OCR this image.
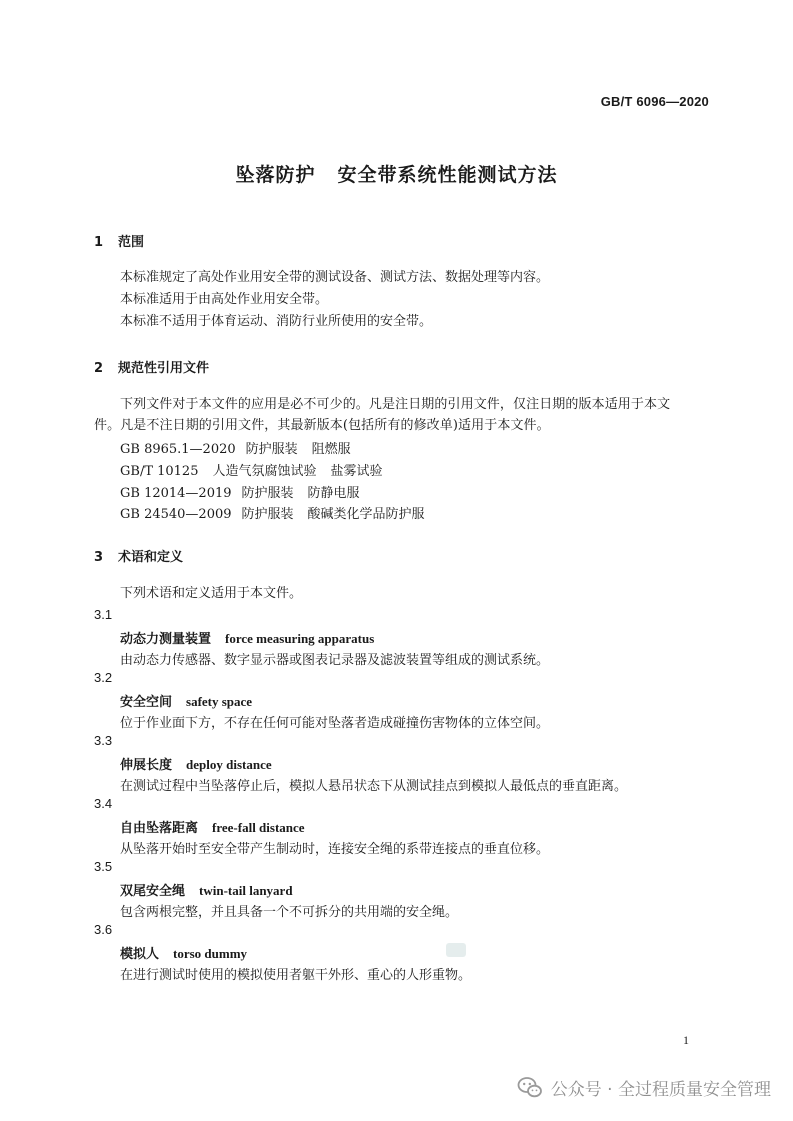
GB/T 6096—2020
坠落防护 安全带系统性能测试方法
1 范围
本标准规定了高处作业用安全带的测试设备、测试方法、数据处理等内容。
本标准适用于由高处作业用安全带。
本标准不适用于体育运动、消防行业所使用的安全带。
2 规范性引用文件
下列文件对于本文件的应用是必不可少的。凡是注日期的引用文件，仅注日期的版本适用于本文
件。凡是不注日期的引用文件，其最新版本(包括所有的修改单)适用于本文件。
GB 8965.1—2020 防护服装 阻燃服
GB/T 10125 人造气氛腐蚀试验 盐雾试验
GB 12014—2019 防护服装 防静电服
GB 24540—2009 防护服装 酸碱类化学品防护服
3 术语和定义
下列术语和定义适用于本文件。
3.1
动态力测量装置 force measuring apparatus
由动态力传感器、数字显示器或图表记录器及滤波装置等组成的测试系统。
3.2
安全空间 safety space
位于作业面下方，不存在任何可能对坠落者造成碰撞伤害物体的立体空间。
3.3
伸展长度 deploy distance
在测试过程中当坠落停止后，模拟人悬吊状态下从测试挂点到模拟人最低点的垂直距离。
3.4
自由坠落距离 free-fall distance
从坠落开始时至安全带产生制动时，连接安全绳的系带连接点的垂直位移。
3.5
双尾安全绳 twin-tail lanyard
包含两根完整，并且具备一个不可拆分的共用端的安全绳。
3.6
模拟人 torso dummy
在进行测试时使用的模拟使用者躯干外形、重心的人形重物。
1
公众号 · 全过程质量安全管理
